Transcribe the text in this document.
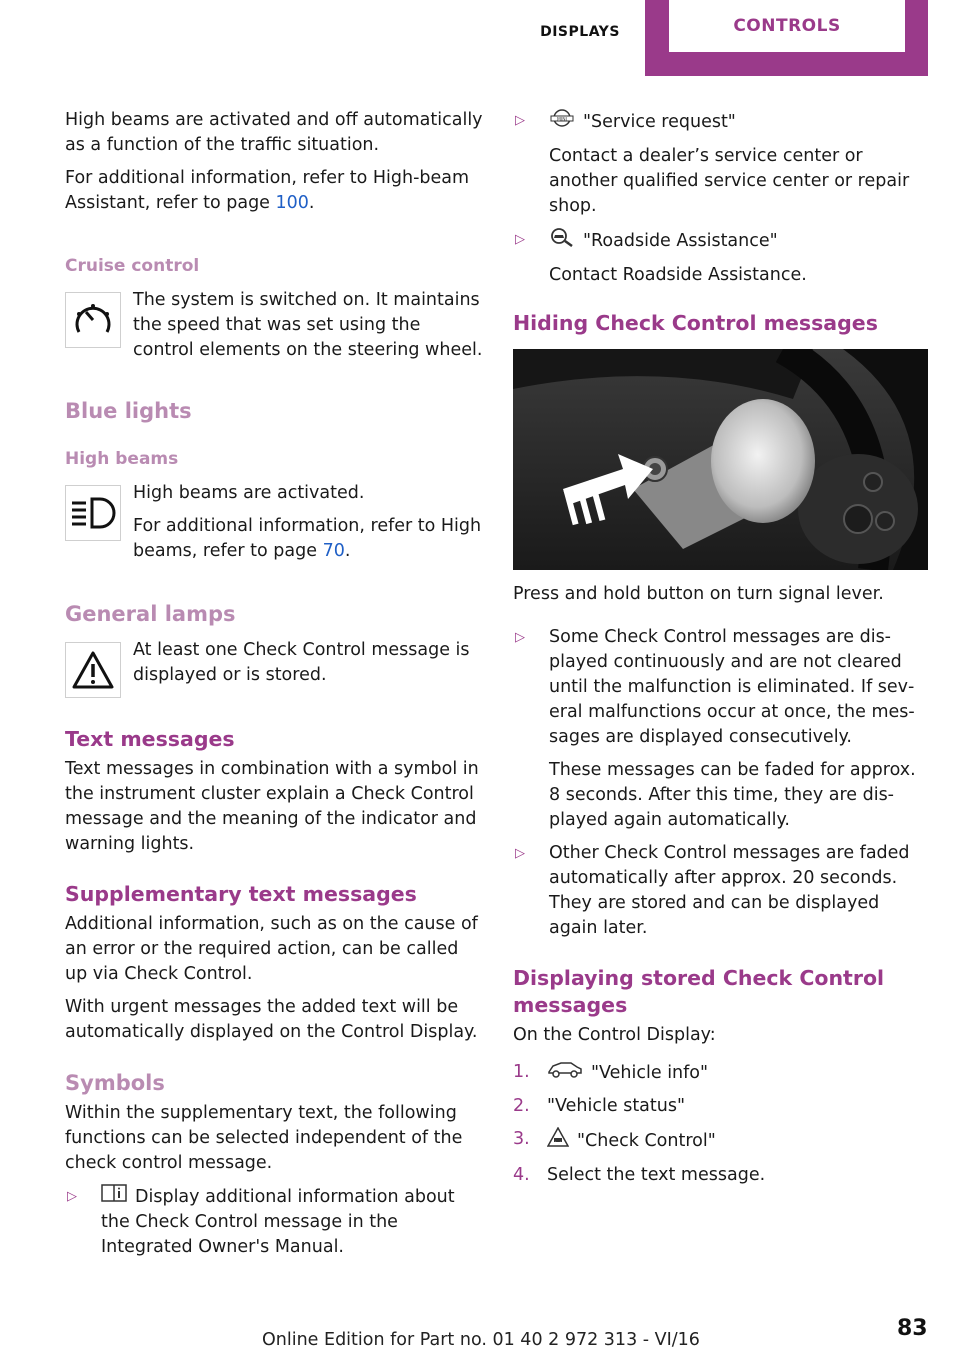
DISPLAYS	CONTROLS

High beams are activated and off automatically as a function of the traffic situation.

For additional information, refer to High-beam Assistant, refer to page 100.

Cruise control

The system is switched on. It maintains the speed that was set using the control elements on the steering wheel.

Blue lights
High beams

High beams are activated.

For additional information, refer to High beams, refer to page 70.

General lamps

At least one Check Control message is displayed or is stored.

Text messages

Text messages in combination with a symbol in the instrument cluster explain a Check Control message and the meaning of the indicator and warning lights.

Supplementary text messages

Additional information, such as on the cause of an error or the required action, can be called up via Check Control.

With urgent messages the added text will be automatically displayed on the Control Display.

Symbols

Within the supplementary text, the following functions can be selected independent of the check control message.

▷	Display additional information about the Check Control message in the Integrated Owner's Manual.

▷	MINI "Service request"

Contact a dealer’s service center or another qualified service center or repair shop.

▷	"Roadside Assistance"

Contact Roadside Assistance.

Hiding Check Control messages

Press and hold button on turn signal lever.

▷	Some Check Control messages are dis‐ played continuously and are not cleared until the malfunction is eliminated. If sev‐ eral malfunctions occur at once, the mes‐ sages are displayed consecutively.

These messages can be faded for approx. 8 seconds. After this time, they are dis‐ played again automatically.

▷	Other Check Control messages are faded automatically after approx. 20 seconds. They are stored and can be displayed again later.

Displaying stored Check Control messages

On the Control Display:

1.	"Vehicle info"

2. "Vehicle status"

3.	"Check Control"

4. Select the text message.

Online Edition for Part no. 01 40 2 972 313 - VI/16	83
